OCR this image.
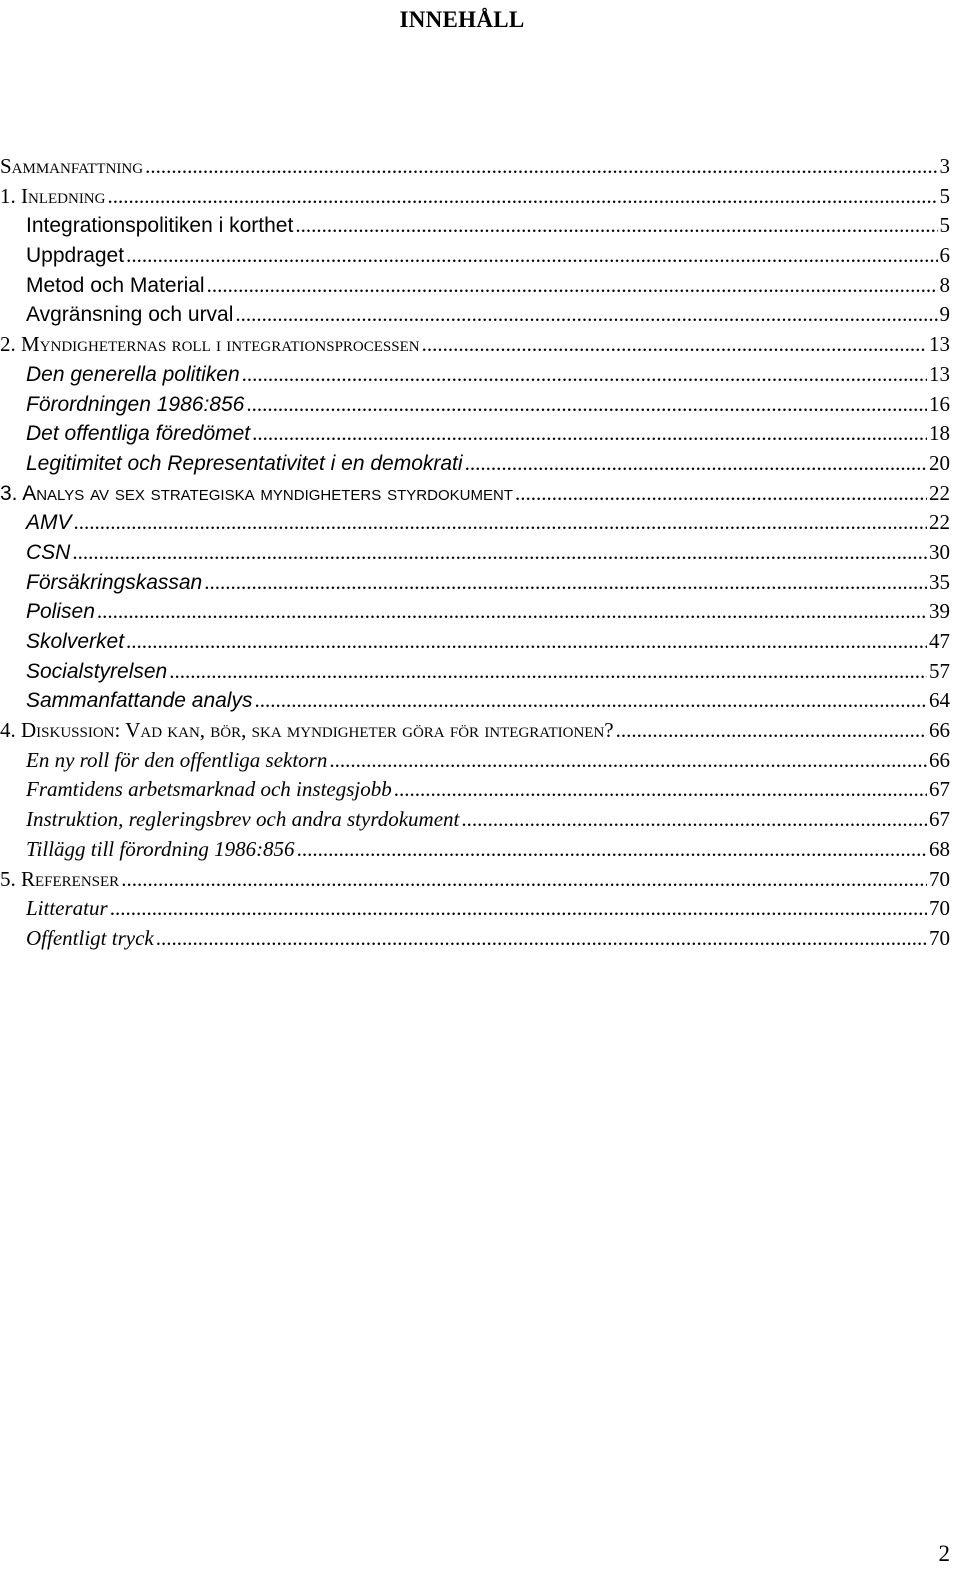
INNEHÅLL
Sammanfattning .....	3
1. Inledning .....	5
Integrationspolitiken i korthet .....	5
Uppdraget .....	6
Metod och Material .....	8
Avgränsning och urval .....	9
2. Myndigheternas roll i integrationsprocessen .....	13
Den generella politiken .....	13
Förordningen 1986:856 .....	16
Det offentliga föredömet .....	18
Legitimitet och Representativitet i en demokrati .....	20
3. Analys av sex strategiska myndigheters styrdokument .....	22
AMV .....	22
CSN .....	30
Försäkringskassan .....	35
Polisen .....	39
Skolverket .....	47
Socialstyrelsen .....	57
Sammanfattande analys .....	64
4. Diskussion: Vad kan, bör, ska myndigheter göra för integrationen? .....	66
En ny roll för den offentliga sektorn .....	66
Framtidens arbetsmarknad och instegsjobb .....	67
Instruktion, regleringsbrev och andra styrdokument .....	67
Tillägg till förordning 1986:856 .....	68
5. Referenser .....	70
Litteratur .....	70
Offentligt tryck .....	70
2
